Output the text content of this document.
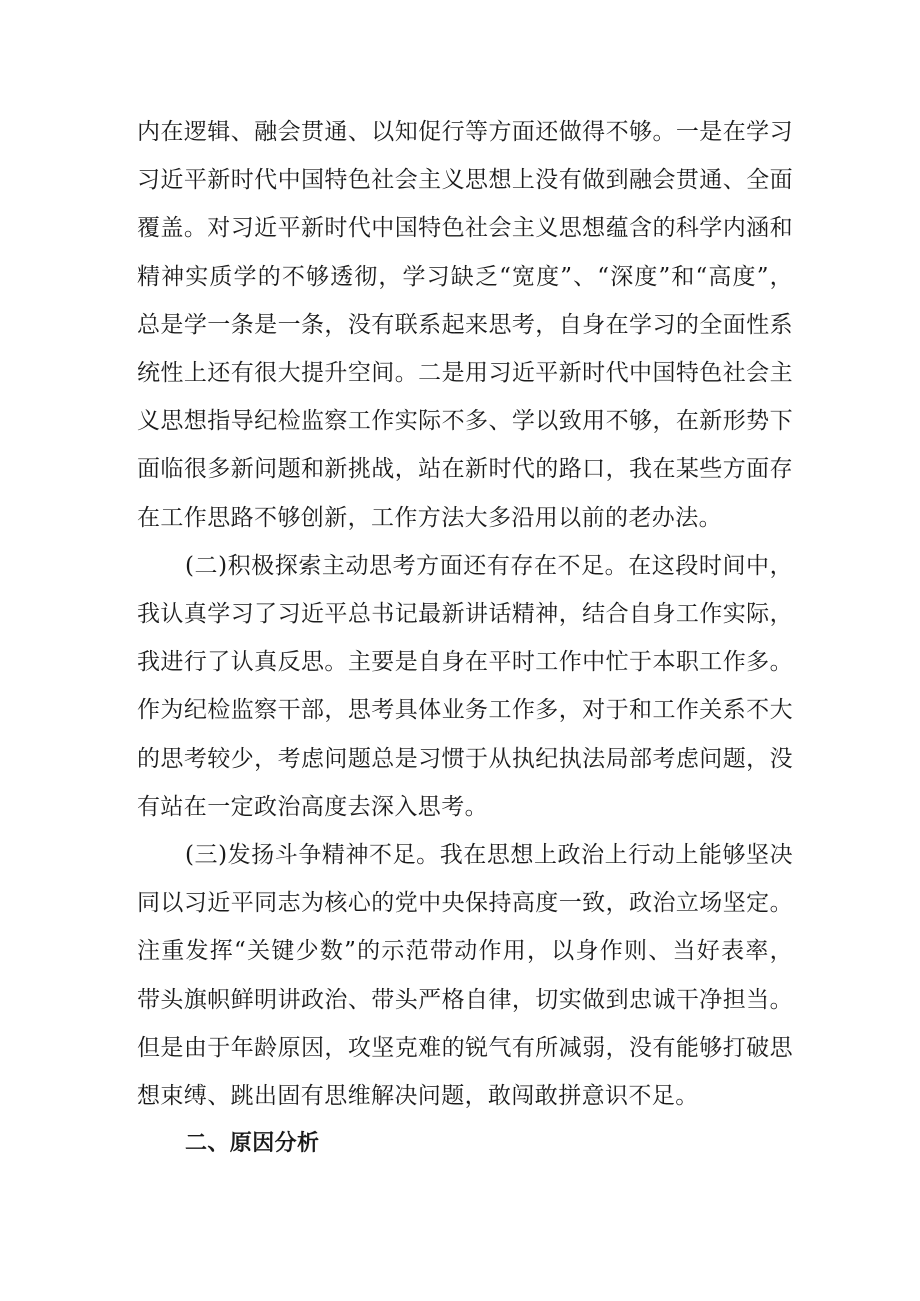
内在逻辑、融会贯通、以知促行等方面还做得不够。一是在学习习近平新时代中国特色社会主义思想上没有做到融会贯通、全面覆盖。对习近平新时代中国特色社会主义思想蕴含的科学内涵和精神实质学的不够透彻，学习缺乏“宽度”、“深度”和“高度”，总是学一条是一条，没有联系起来思考，自身在学习的全面性系统性上还有很大提升空间。二是用习近平新时代中国特色社会主义思想指导纪检监察工作实际不多、学以致用不够，在新形势下面临很多新问题和新挑战，站在新时代的路口，我在某些方面存在工作思路不够创新，工作方法大多沿用以前的老办法。

(二)积极探索主动思考方面还有存在不足。在这段时间中，我认真学习了习近平总书记最新讲话精神，结合自身工作实际，我进行了认真反思。主要是自身在平时工作中忙于本职工作多。作为纪检监察干部，思考具体业务工作多，对于和工作关系不大的思考较少，考虑问题总是习惯于从执纪执法局部考虑问题，没有站在一定政治高度去深入思考。

(三)发扬斗争精神不足。我在思想上政治上行动上能够坚决同以习近平同志为核心的党中央保持高度一致，政治立场坚定。注重发挥“关键少数”的示范带动作用，以身作则、当好表率，带头旗帜鲜明讲政治、带头严格自律，切实做到忠诚干净担当。但是由于年龄原因，攻坚克难的锐气有所减弱，没有能够打破思想束缚、跳出固有思维解决问题，敢闯敢拼意识不足。

二、原因分析
